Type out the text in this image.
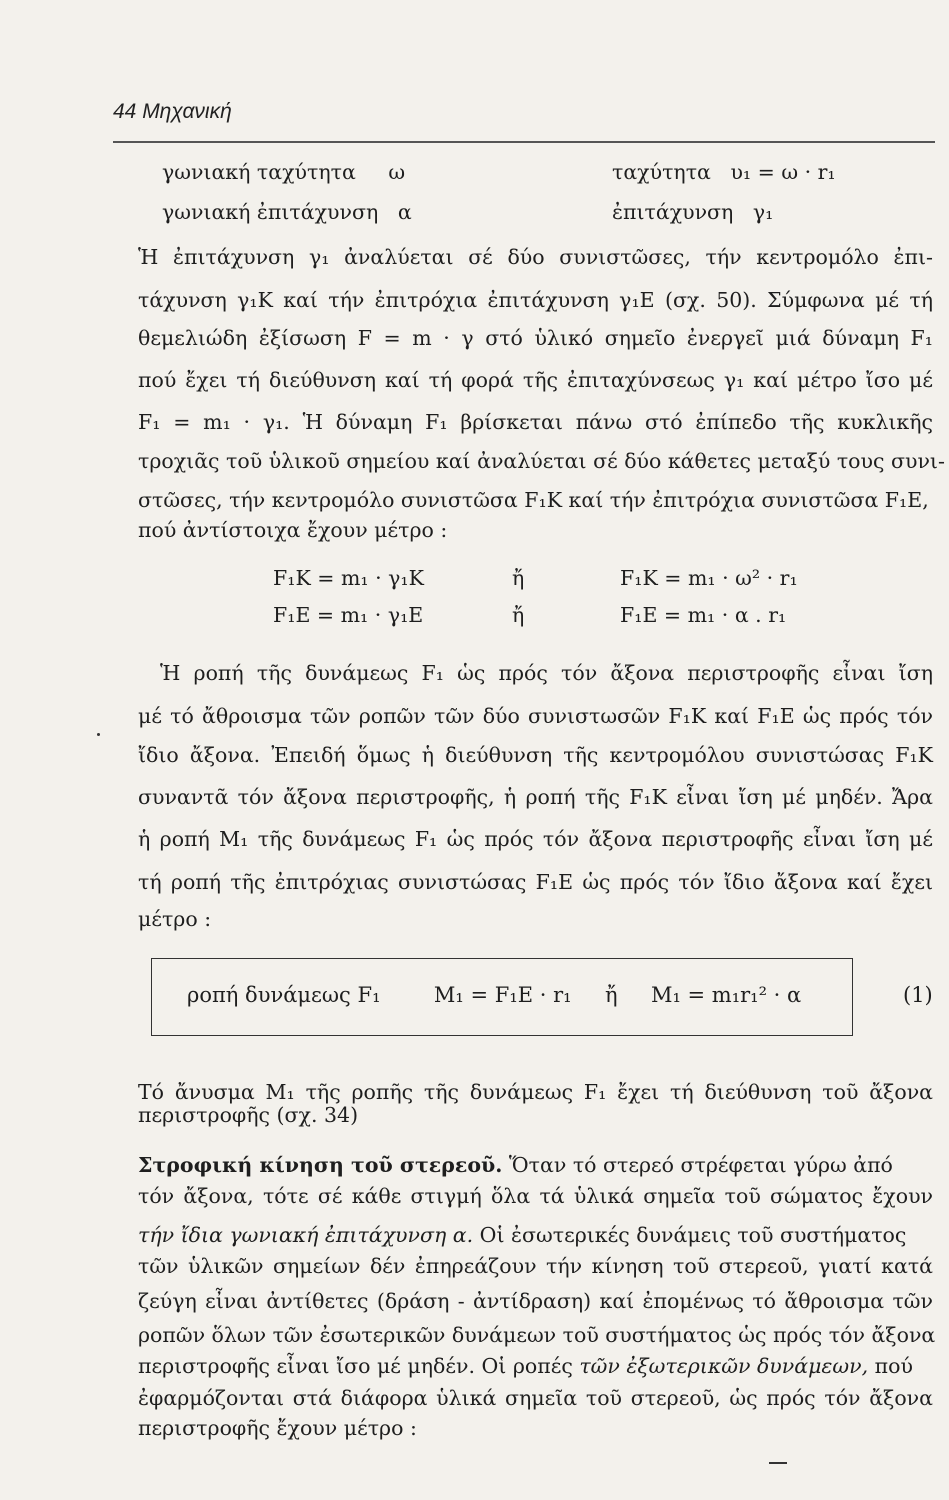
44 Μηχανική
γωνιακή ταχύτητα ω	ταχύτητα υ₁ = ω · r₁
γωνιακή ἐπιτάχυνση α	ἐπιτάχυνση γ₁
Ἡ ἐπιτάχυνση γ₁ ἀναλύεται σέ δύο συνιστῶσες, τήν κεντρομόλο ἐπι-
τάχυνση γ₁Κ καί τήν ἐπιτρόχια ἐπιτάχυνση γ₁Ε (σχ. 50). Σύμφωνα μέ τή
θεμελιώδη ἐξίσωση F = m · γ στό ὑλικό σημεῖο ἐνεργεῖ μιά δύναμη F₁
πού ἔχει τή διεύθυνση καί τή φορά τῆς ἐπιταχύνσεως γ₁ καί μέτρο ἴσο μέ
F₁ = m₁ · γ₁. Ἡ δύναμη F₁ βρίσκεται πάνω στό ἐπίπεδο τῆς κυκλικῆς
τροχιᾶς τοῦ ὑλικοῦ σημείου καί ἀναλύεται σέ δύο κάθετες μεταξύ τους συνι-
στῶσες, τήν κεντρομόλο συνιστῶσα F₁Κ καί τήν ἐπιτρόχια συνιστῶσα F₁Ε,
πού ἀντίστοιχα ἔχουν μέτρο :
F₁Κ = m₁ · γ₁Κ	ἤ	F₁Κ = m₁ · ω² · r₁
F₁Ε = m₁ · γ₁Ε	ἤ	F₁Ε = m₁ · α . r₁
Ἡ ροπή τῆς δυνάμεως F₁ ὡς πρός τόν ἄξονα περιστροφῆς εἶναι ἴση
μέ τό ἄθροισμα τῶν ροπῶν τῶν δύο συνιστωσῶν F₁Κ καί F₁Ε ὡς πρός τόν
ἴδιο ἄξονα. Ἐπειδή ὅμως ἡ διεύθυνση τῆς κεντρομόλου συνιστώσας F₁Κ
συναντᾶ τόν ἄξονα περιστροφῆς, ἡ ροπή τῆς F₁Κ εἶναι ἴση μέ μηδέν. Ἄρα
ἡ ροπή M₁ τῆς δυνάμεως F₁ ὡς πρός τόν ἄξονα περιστροφῆς εἶναι ἴση μέ
τή ροπή τῆς ἐπιτρόχιας συνιστώσας F₁Ε ὡς πρός τόν ἴδιο ἄξονα καί ἔχει
μέτρο :
ροπή δυνάμεως F₁	M₁ = F₁Ε · r₁ ἤ M₁ = m₁r₁² · α	(1)
Τό ἄνυσμα M₁ τῆς ροπῆς τῆς δυνάμεως F₁ ἔχει τή διεύθυνση τοῦ ἄξονα
περιστροφῆς (σχ. 34)
Στροφική κίνηση τοῦ στερεοῦ. Ὅταν τό στερεό στρέφεται γύρω ἀπό
τόν ἄξονα, τότε σέ κάθε στιγμή ὅλα τά ὑλικά σημεῖα τοῦ σώματος ἔχουν
τήν ἴδια γωνιακή ἐπιτάχυνση α. Οἱ ἐσωτερικές δυνάμεις τοῦ συστήματος
τῶν ὑλικῶν σημείων δέν ἐπηρεάζουν τήν κίνηση τοῦ στερεοῦ, γιατί κατά
ζεύγη εἶναι ἀντίθετες (δράση - ἀντίδραση) καί ἐπομένως τό ἄθροισμα τῶν
ροπῶν ὅλων τῶν ἐσωτερικῶν δυνάμεων τοῦ συστήματος ὡς πρός τόν ἄξονα
περιστροφῆς εἶναι ἴσο μέ μηδέν. Οἱ ροπές τῶν ἐξωτερικῶν δυνάμεων, πού
ἐφαρμόζονται στά διάφορα ὑλικά σημεῖα τοῦ στερεοῦ, ὡς πρός τόν ἄξονα
περιστροφῆς ἔχουν μέτρο :
